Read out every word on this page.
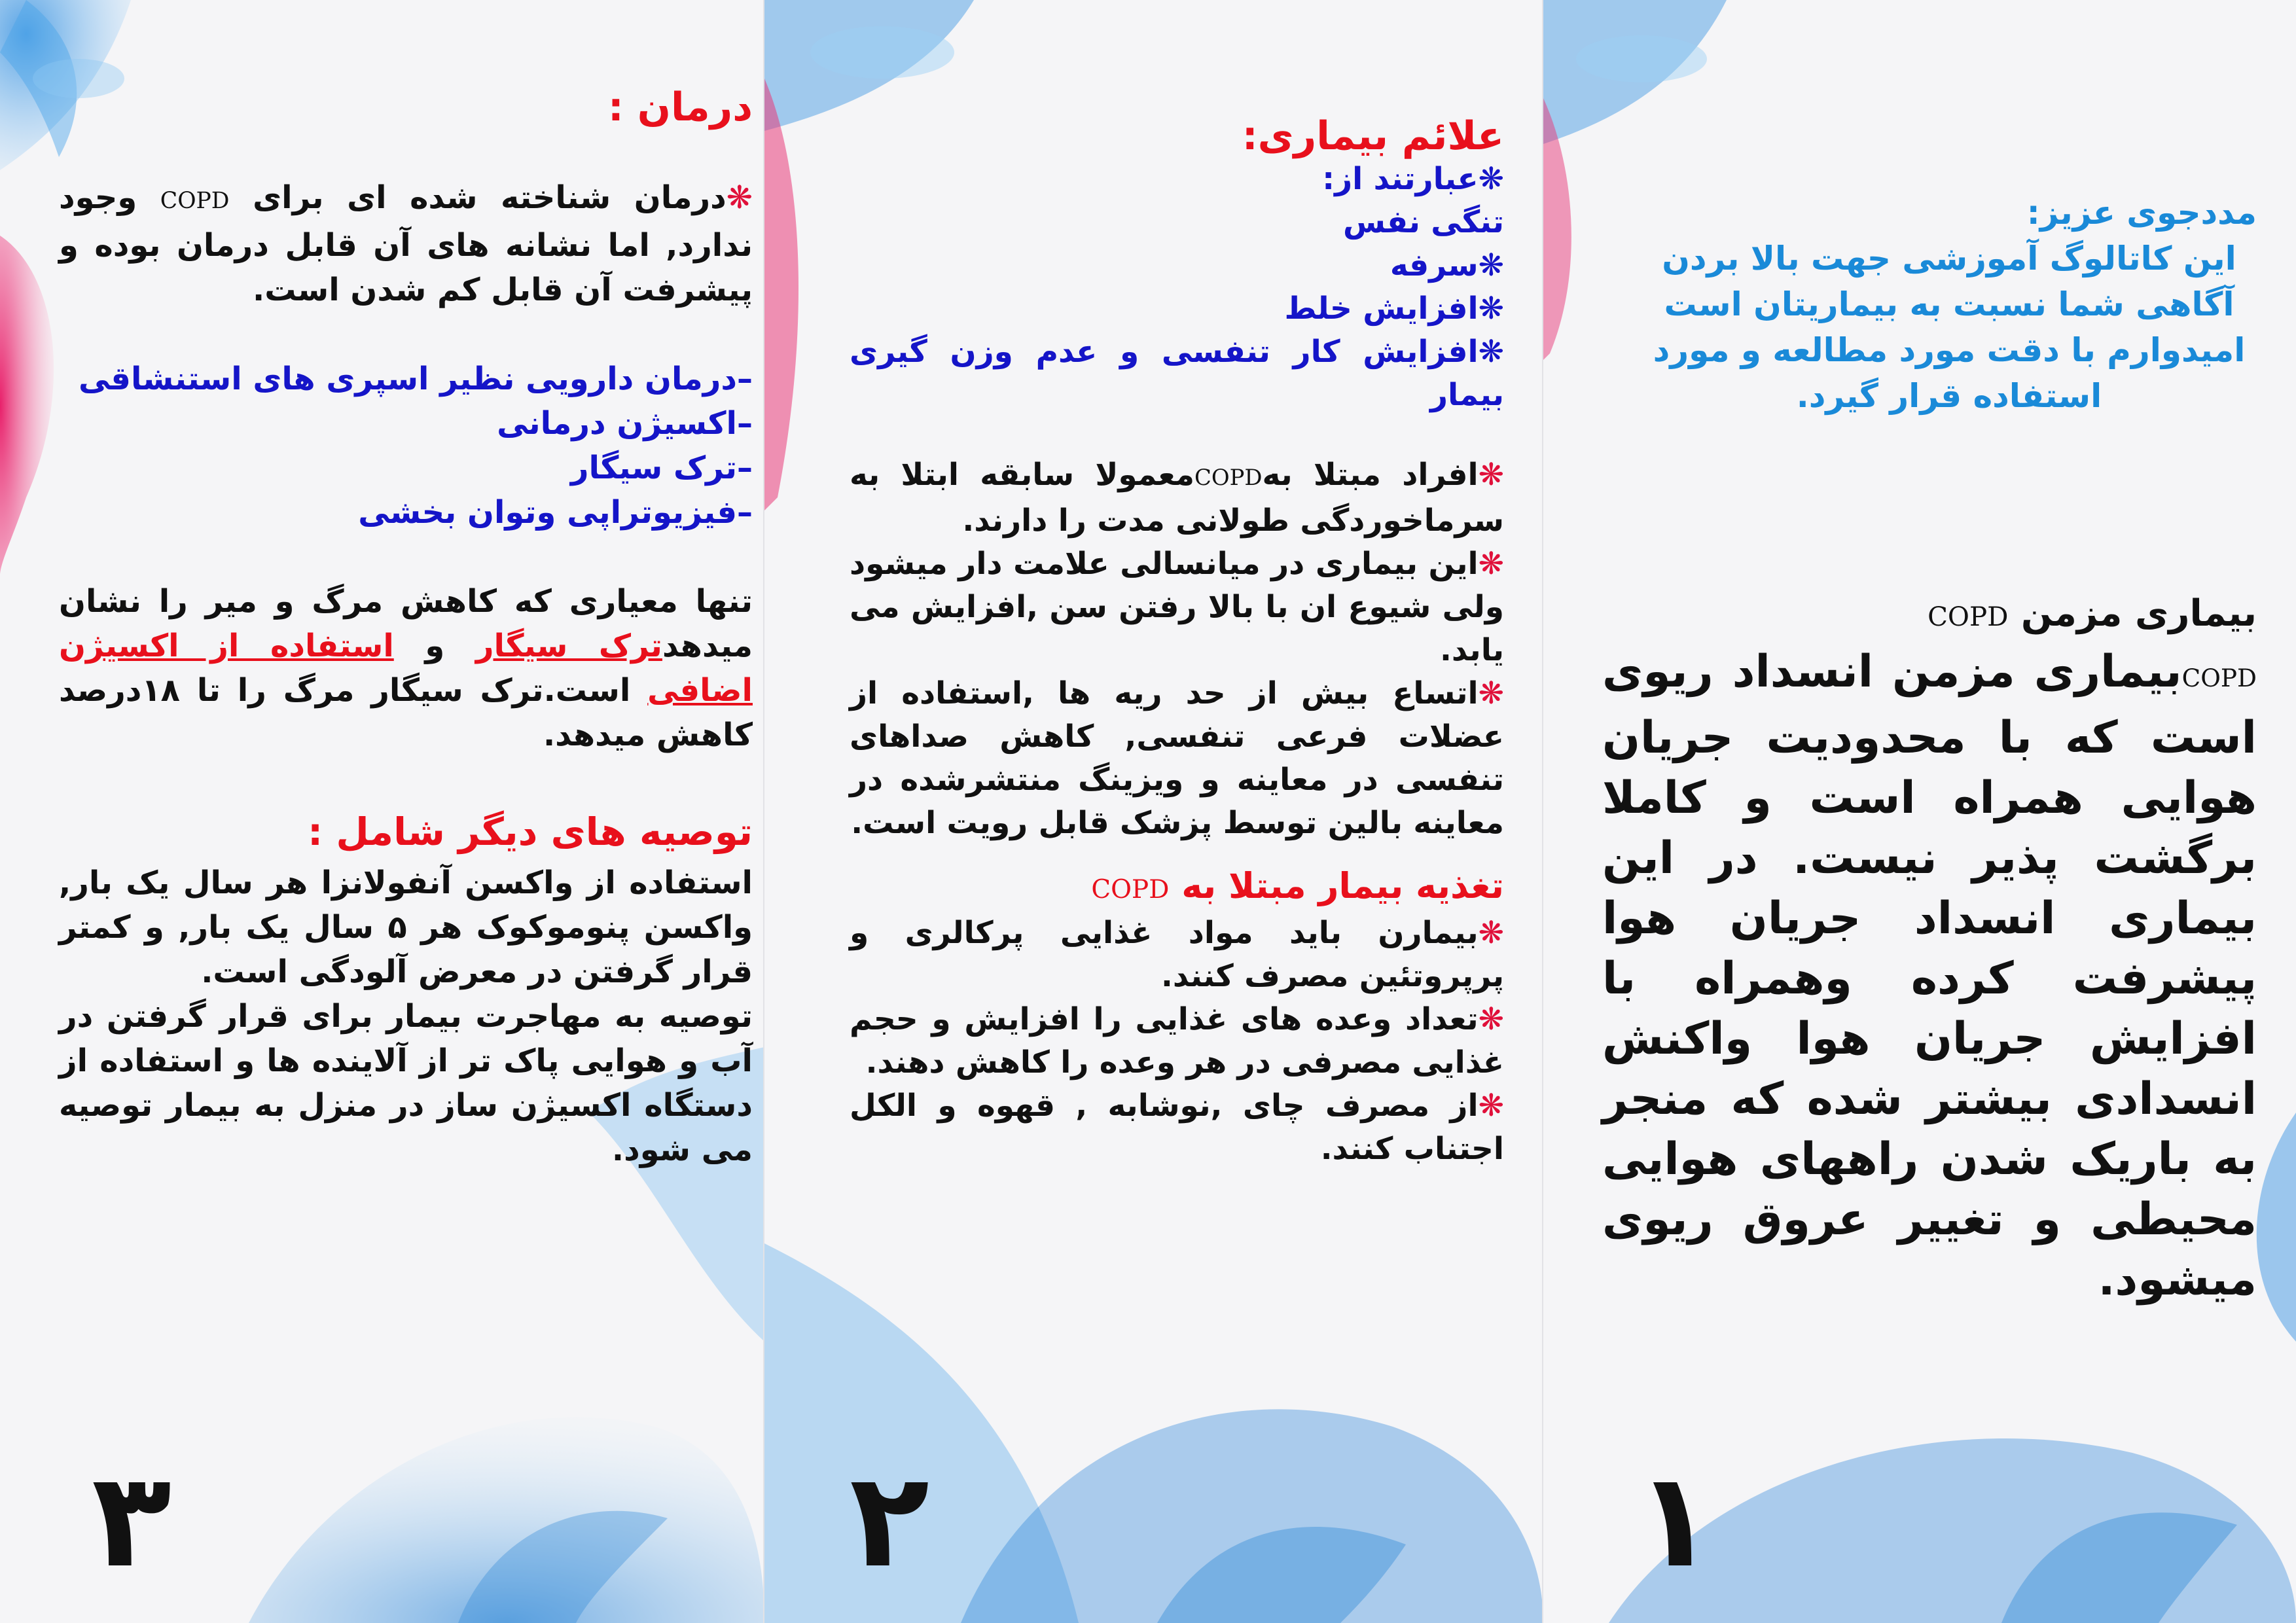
درمان :

❋درمان شناخته شده ای برای COPD وجود ندارد, اما نشانه های آن قابل درمان بوده و پیشرفت آن قابل کم شدن است.

–درمان دارویی نظیر اسپری های استنشاقی

–اکسیژن درمانی

–ترک سیگار

–فیزیوتراپی وتوان بخشی

تنها معیاری که کاهش مرگ و میر را نشان میدهدترک سیگار و استفاده از اکسیژن اضافی است.ترک سیگار مرگ را تا ۱۸درصد کاهش میدهد.

توصیه های دیگر شامل :

استفاده از واکسن آنفولانزا هر سال یک بار, واکسن پنوموکوک هر ۵ سال یک بار, و کمتر قرار گرفتن در معرض آلودگی است.

توصیه به مهاجرت بیمار برای قرار گرفتن در آب و هوایی پاک تر از آلاینده ها و استفاده از دستگاه اکسیژن ساز در منزل به بیمار توصیه می شود.

۳

علائم بیماری:

❋عبارتند از:

تنگی نفس

❋سرفه

❋افزایش خلط

❋افزایش کار تنفسی و عدم وزن گیری بیمار

❋افراد مبتلا بهCOPDمعمولا سابقه ابتلا به سرماخوردگی طولانی مدت را دارند.

❋این بیماری در میانسالی علامت دار میشود ولی شیوع ان با بالا رفتن سن ,افزایش می یابد.

❋اتساع بیش از حد ریه ها ,استفاده از عضلات فرعی تنفسی, کاهش صداهای تنفسی در معاینه و ویزینگ منتشرشده در معاینه بالین توسط پزشک قابل رویت است.

تغذیه بیمار مبتلا به COPD

❋بیمارن باید مواد غذایی پرکالری و پرپروتئین مصرف کنند.

❋تعداد وعده های غذایی را افزایش و حجم غذایی مصرفی در هر وعده را کاهش دهند.

❋از مصرف چای ,نوشابه , قهوه و الکل اجتناب کنند.

۲

مددجوی عزیز:

این کاتالوگ آموزشی جهت بالا بردن آگاهی شما نسبت به بیماریتان است امیدوارم با دقت مورد مطالعه و مورد استفاده قرار گیرد.

بیماری مزمن COPD

COPDبیماری مزمن انسداد ریوی است که با محدودیت جریان هوایی همراه است و کاملا برگشت پذیر نیست. در این بیماری انسداد جریان هوا پیشرفت کرده وهمراه با افزایش جریان هوا واکنش انسدادی بیشتر شده که منجر به باریک شدن راههای هوایی محیطی و تغییر عروق ریوی میشود.

۱
